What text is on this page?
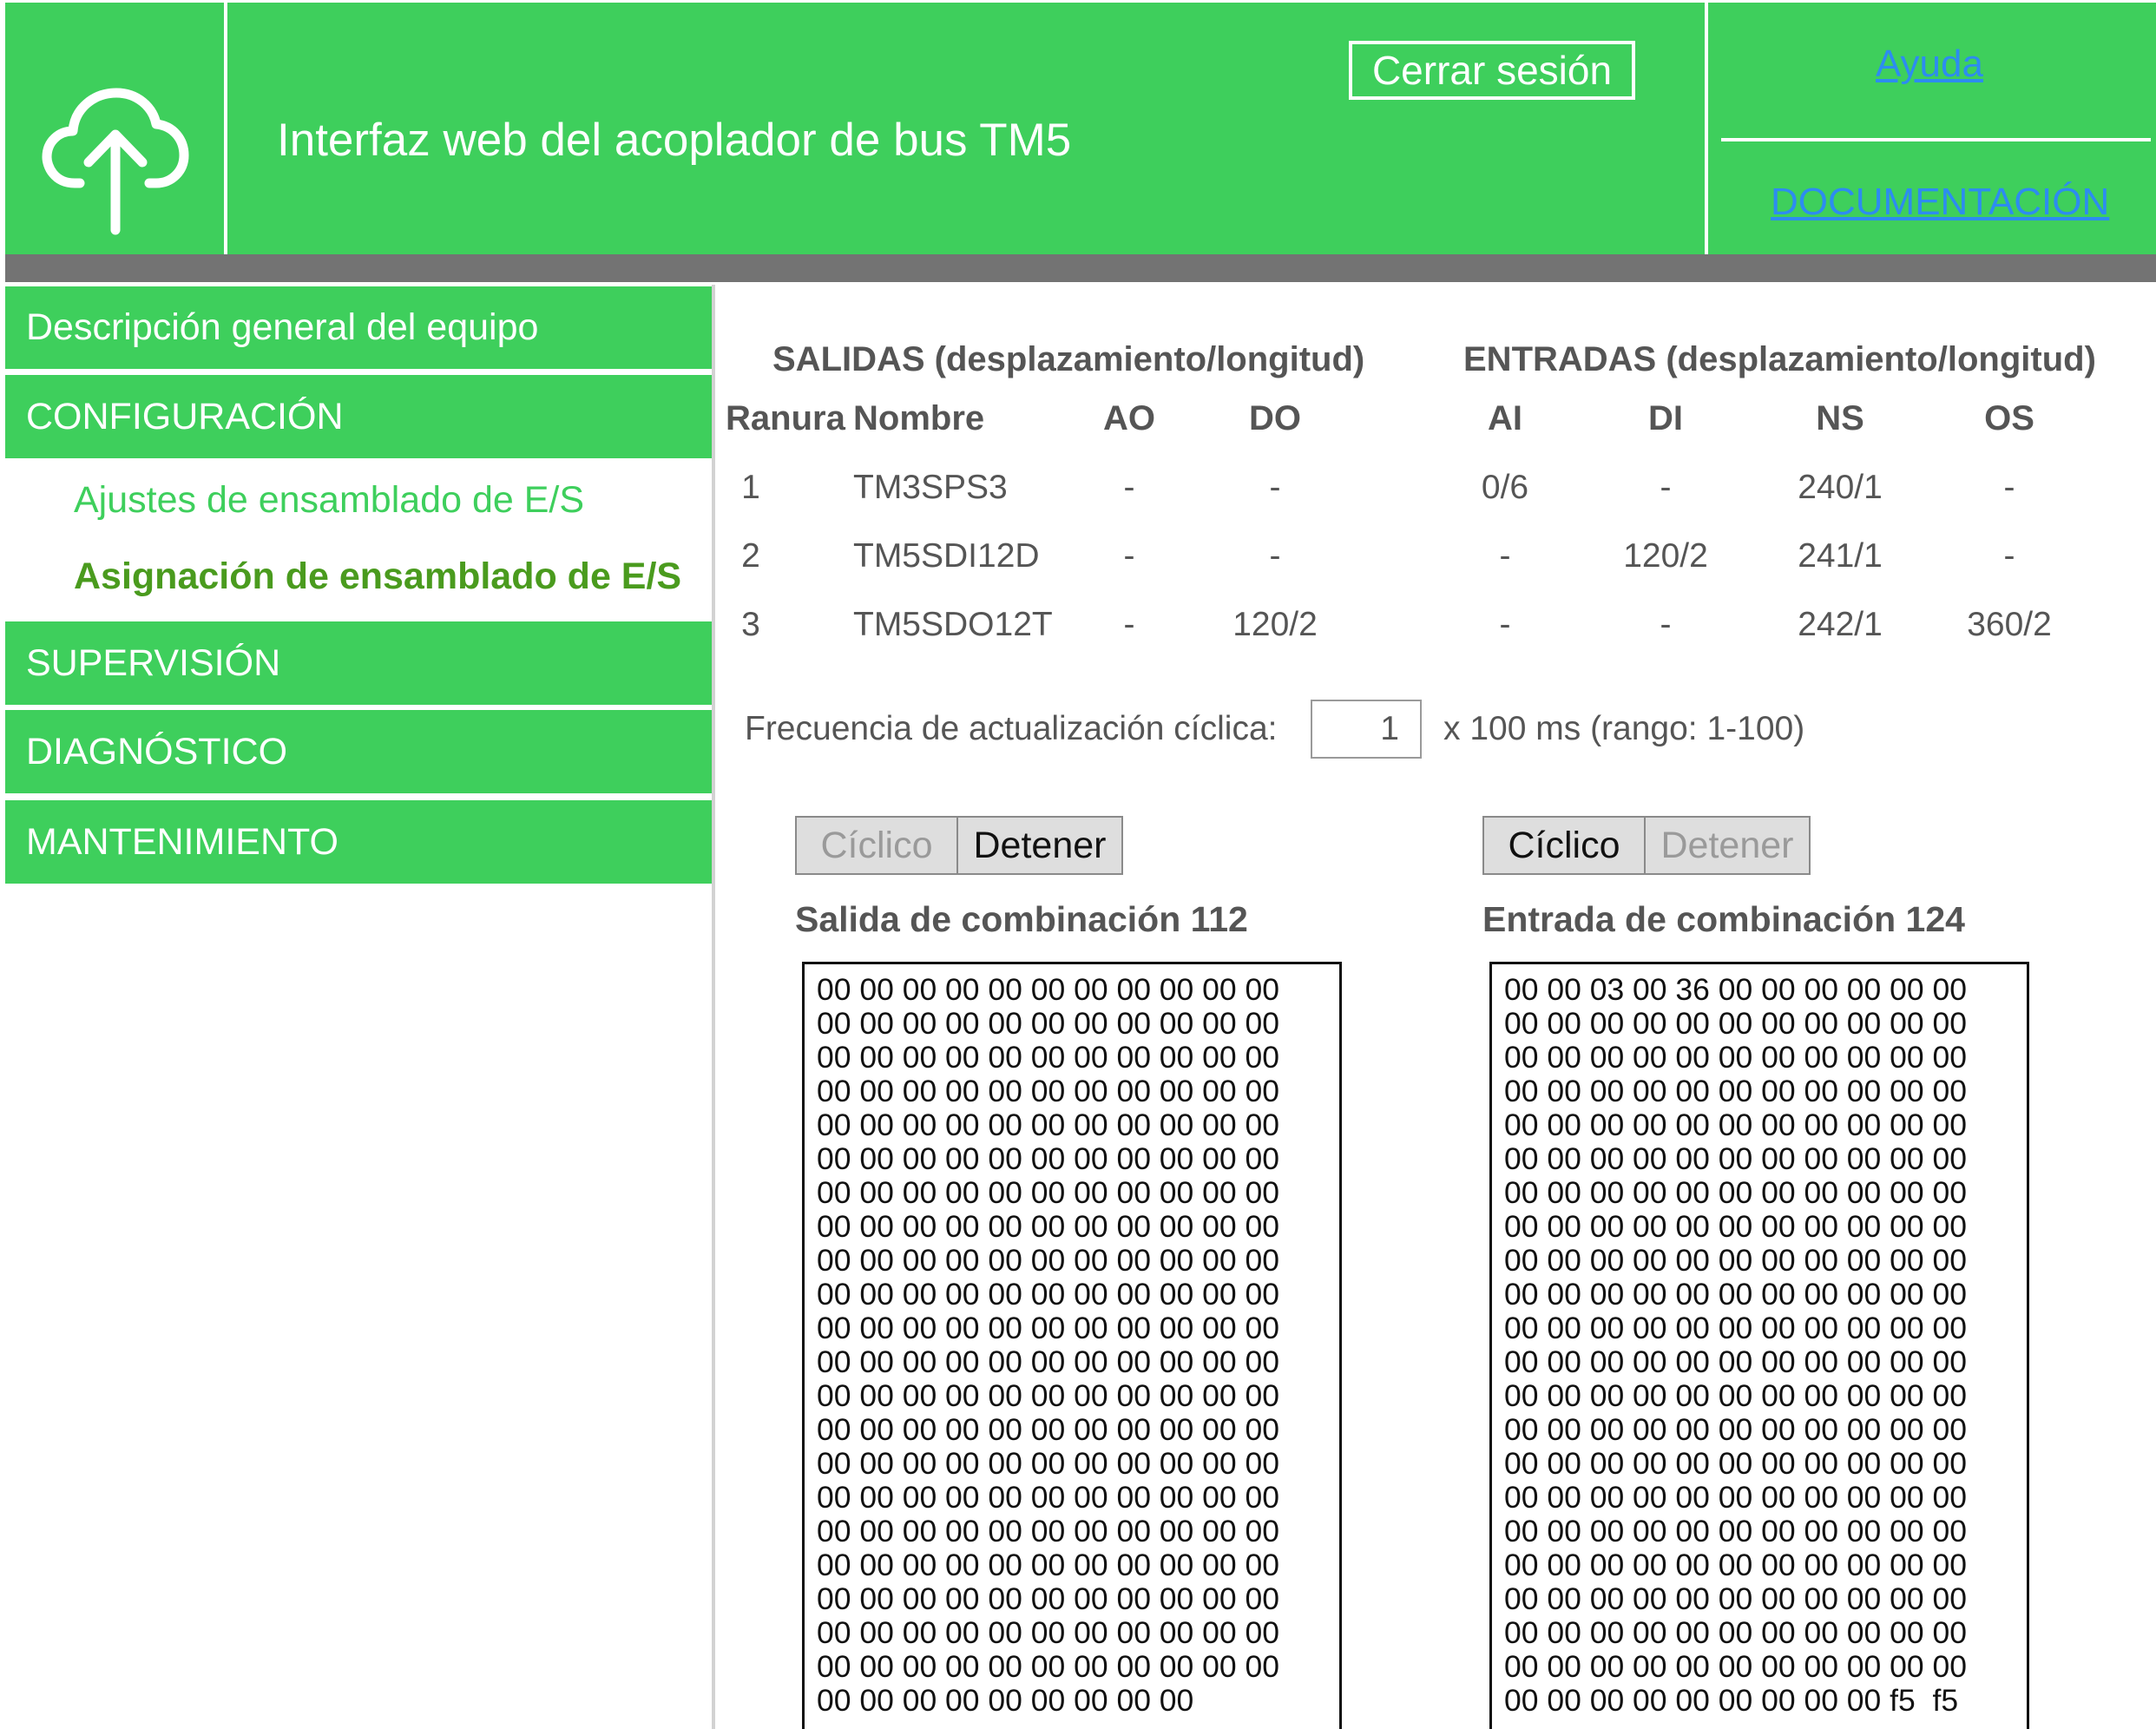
Interfaz web del acoplador de bus TM5
Cerrar sesión	Ayuda
DOCUMENTACIÓN
Descripción general del equipo
CONFIGURACIÓN
Ajustes de ensamblado de E/S
Asignación de ensamblado de E/S
SUPERVISIÓN
DIAGNÓSTICO
MANTENIMIENTO
SALIDAS (desplazamiento/longitud)	ENTRADAS (desplazamiento/longitud)
Ranura Nombre	AO	DO	AI	DI	NS	OS
1	TM3SPS3	-	-	0/6	-	240/1	-
2	TM5SDI12D -	-	-	120/2	241/1	-
3	TM5SDO12T -	120/2	-	-	242/1 360/2
Frecuencia de actualización cíclica:
1	x 100 ms (rango: 1-100)
Cíclico	Detener	Cíclico	Detener
Salida de combinación 112	Entrada de combinación 124
00 00 00 00 00 00 00 00 00 00 00
00 00 00 00 00 00 00 00 00 00 00
00 00 00 00 00 00 00 00 00 00 00
00 00 00 00 00 00 00 00 00 00 00
00 00 00 00 00 00 00 00 00 00 00
00 00 00 00 00 00 00 00 00 00 00
00 00 00 00 00 00 00 00 00 00 00
00 00 00 00 00 00 00 00 00 00 00
00 00 00 00 00 00 00 00 00 00 00
00 00 00 00 00 00 00 00 00 00 00
00 00 00 00 00 00 00 00 00 00 00
00 00 00 00 00 00 00 00 00 00 00
00 00 00 00 00 00 00 00 00 00 00
00 00 00 00 00 00 00 00 00 00 00
00 00 00 00 00 00 00 00 00 00 00
00 00 00 00 00 00 00 00 00 00 00
00 00 00 00 00 00 00 00 00 00 00
00 00 00 00 00 00 00 00 00 00 00
00 00 00 00 00 00 00 00 00 00 00
00 00 00 00 00 00 00 00 00 00 00
00 00 00 00 00 00 00 00 00 00 00
00 00 00 00 00 00 00 00 00
00 00 03 00 36 00 00 00 00 00 00
00 00 00 00 00 00 00 00 00 00 00
00 00 00 00 00 00 00 00 00 00 00
00 00 00 00 00 00 00 00 00 00 00
00 00 00 00 00 00 00 00 00 00 00
00 00 00 00 00 00 00 00 00 00 00
00 00 00 00 00 00 00 00 00 00 00
00 00 00 00 00 00 00 00 00 00 00
00 00 00 00 00 00 00 00 00 00 00
00 00 00 00 00 00 00 00 00 00 00
00 00 00 00 00 00 00 00 00 00 00
00 00 00 00 00 00 00 00 00 00 00
00 00 00 00 00 00 00 00 00 00 00
00 00 00 00 00 00 00 00 00 00 00
00 00 00 00 00 00 00 00 00 00 00
00 00 00 00 00 00 00 00 00 00 00
00 00 00 00 00 00 00 00 00 00 00
00 00 00 00 00 00 00 00 00 00 00
00 00 00 00 00 00 00 00 00 00 00
00 00 00 00 00 00 00 00 00 00 00
00 00 00 00 00 00 00 00 00 00 00
00 00 00 00 00 00 00 00 00 f5  f5
